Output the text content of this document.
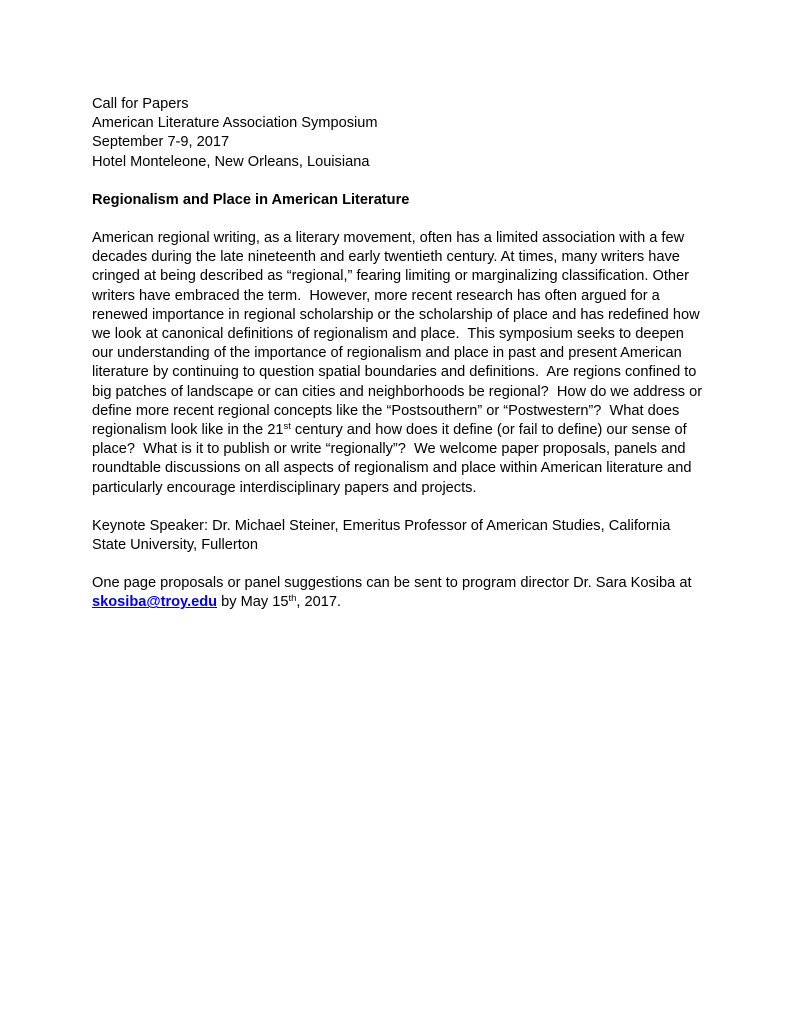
Call for Papers
American Literature Association Symposium
September 7-9, 2017
Hotel Monteleone, New Orleans, Louisiana
Regionalism and Place in American Literature

American regional writing, as a literary movement, often has a limited association with a few decades during the late nineteenth and early twentieth century. At times, many writers have cringed at being described as “regional,” fearing limiting or marginalizing classification. Other writers have embraced the term.  However, more recent research has often argued for a renewed importance in regional scholarship or the scholarship of place and has redefined how we look at canonical definitions of regionalism and place.  This symposium seeks to deepen our understanding of the importance of regionalism and place in past and present American literature by continuing to question spatial boundaries and definitions.  Are regions confined to big patches of landscape or can cities and neighborhoods be regional?  How do we address or define more recent regional concepts like the “Postsouthern” or “Postwestern”?  What does regionalism look like in the 21st century and how does it define (or fail to define) our sense of place?  What is it to publish or write “regionally”?  We welcome paper proposals, panels and roundtable discussions on all aspects of regionalism and place within American literature and particularly encourage interdisciplinary papers and projects.

Keynote Speaker: Dr. Michael Steiner, Emeritus Professor of American Studies, California State University, Fullerton

One page proposals or panel suggestions can be sent to program director Dr. Sara Kosiba at skosiba@troy.edu by May 15th, 2017.
